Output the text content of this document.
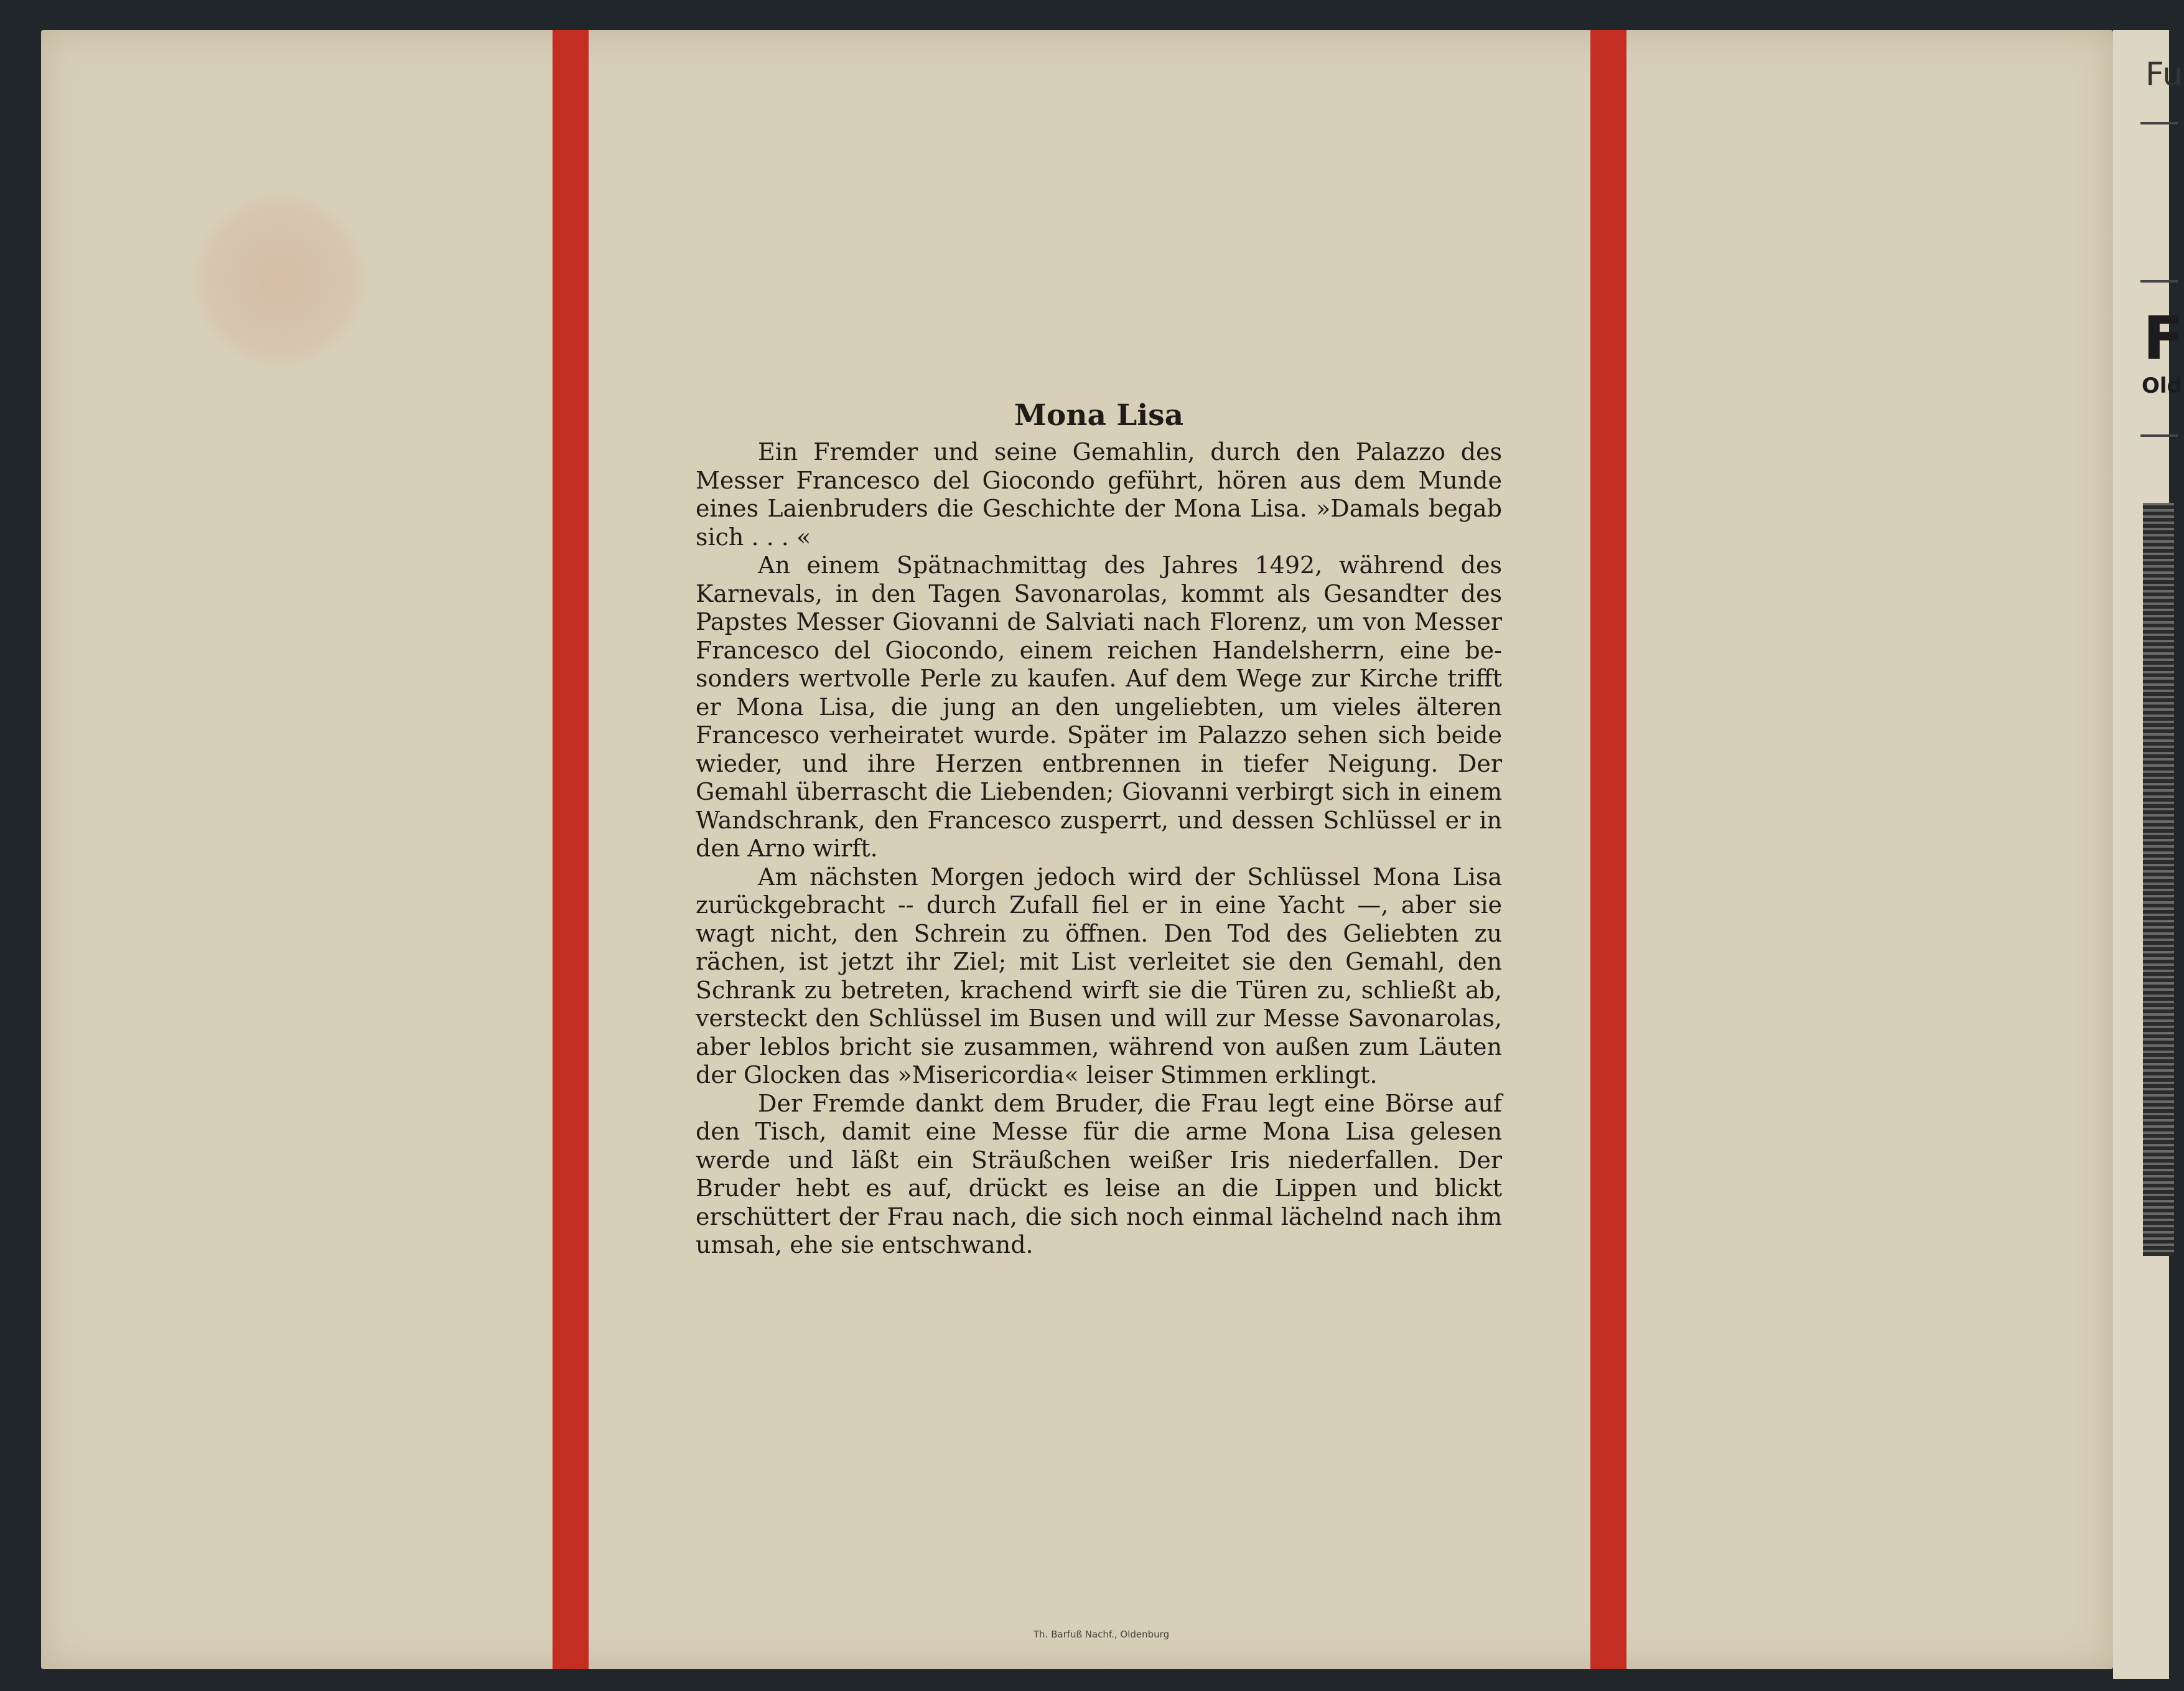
Mona Lisa

Ein Fremder und seine Gemahlin, durch den Palazzo des Messer Francesco del Giocondo geführt, hören aus dem Munde eines Laienbruders die Geschichte der Mona Lisa. »Damals begab sich . . . «

An einem Spätnachmittag des Jahres 1492, während des Karnevals, in den Tagen Savonarolas, kommt als Gesandter des Papstes Messer Giovanni de Salviati nach Florenz, um von Messer Francesco del Giocondo, einem reichen Handelsherrn, eine besonders wertvolle Perle zu kaufen. Auf dem Wege zur Kirche trifft er Mona Lisa, die jung an den ungeliebten, um vieles älteren Francesco verheiratet wurde. Später im Palazzo sehen sich beide wieder, und ihre Herzen entbrennen in tiefer Neigung. Der Gemahl überrascht die Liebenden; Giovanni verbirgt sich in einem Wandschrank, den Francesco zusperrt, und dessen Schlüssel er in den Arno wirft.

Am nächsten Morgen jedoch wird der Schlüssel Mona Lisa zurückgebracht -- durch Zufall fiel er in eine Yacht —, aber sie wagt nicht, den Schrein zu öffnen. Den Tod des Geliebten zu rächen, ist jetzt ihr Ziel; mit List verleitet sie den Gemahl, den Schrank zu betreten, krachend wirft sie die Türen zu, schließt ab, versteckt den Schlüssel im Busen und will zur Messe Savonarolas, aber leblos bricht sie zusammen, während von außen zum Läuten der Glocken das »Misericordia« leiser Stimmen erklingt.

Der Fremde dankt dem Bruder, die Frau legt eine Börse auf den Tisch, damit eine Messe für die arme Mona Lisa gelesen werde und läßt ein Sträußchen weißer Iris niederfallen. Der Bruder hebt es auf, drückt es leise an die Lippen und blickt erschüttert der Frau nach, die sich noch einmal lächelnd nach ihm umsah, ehe sie entschwand.

Th. Barfuß Nachf., Oldenburg
Fu
F
Old
